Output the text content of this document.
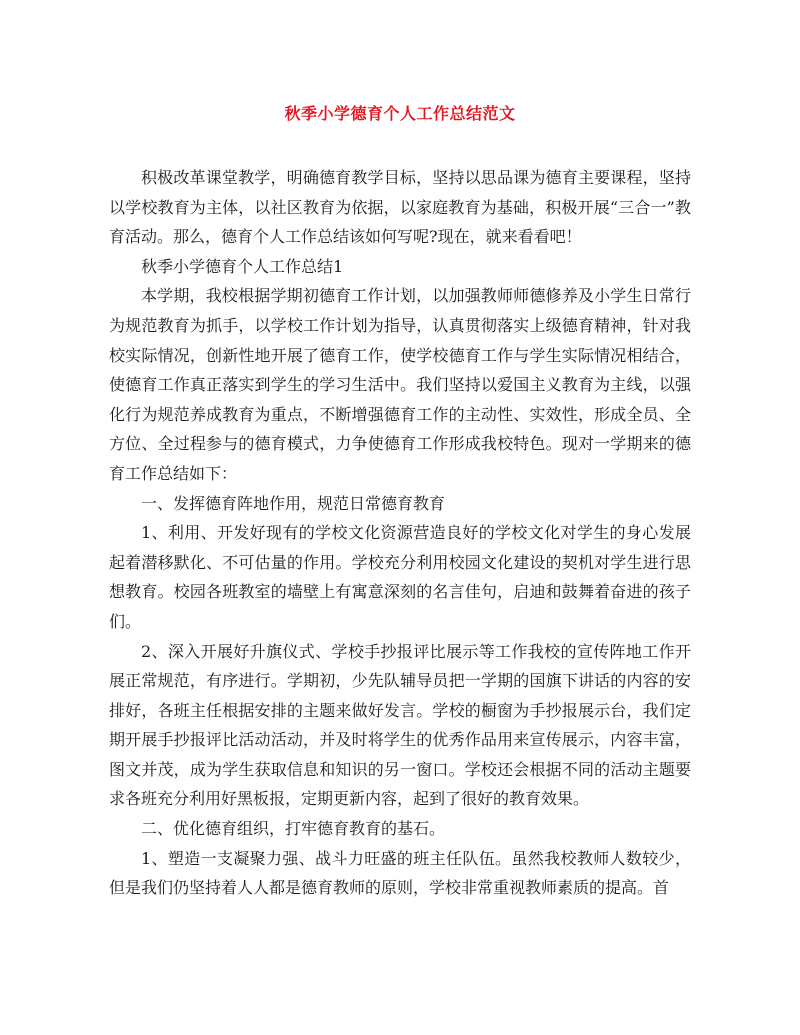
秋季小学德育个人工作总结范文

积极改革课堂教学，明确德育教学目标，坚持以思品课为德育主要课程，坚持以学校教育为主体，以社区教育为依据，以家庭教育为基础，积极开展“三合一”教育活动。那么，德育个人工作总结该如何写呢?现在，就来看看吧！

秋季小学德育个人工作总结1

本学期，我校根据学期初德育工作计划，以加强教师师德修养及小学生日常行为规范教育为抓手，以学校工作计划为指导，认真贯彻落实上级德育精神，针对我校实际情况，创新性地开展了德育工作，使学校德育工作与学生实际情况相结合，使德育工作真正落实到学生的学习生活中。我们坚持以爱国主义教育为主线，以强化行为规范养成教育为重点，不断增强德育工作的主动性、实效性，形成全员、全方位、全过程参与的德育模式，力争使德育工作形成我校特色。现对一学期来的德育工作总结如下：

一、发挥德育阵地作用，规范日常德育教育

1、利用、开发好现有的学校文化资源营造良好的学校文化对学生的身心发展起着潜移默化、不可估量的作用。学校充分利用校园文化建设的契机对学生进行思想教育。校园各班教室的墙壁上有寓意深刻的名言佳句，启迪和鼓舞着奋进的孩子们。

2、深入开展好升旗仪式、学校手抄报评比展示等工作我校的宣传阵地工作开展正常规范，有序进行。学期初，少先队辅导员把一学期的国旗下讲话的内容的安排好，各班主任根据安排的主题来做好发言。学校的橱窗为手抄报展示台，我们定期开展手抄报评比活动活动，并及时将学生的优秀作品用来宣传展示，内容丰富，图文并茂，成为学生获取信息和知识的另一窗口。学校还会根据不同的活动主题要求各班充分利用好黑板报，定期更新内容，起到了很好的教育效果。

二、优化德育组织，打牢德育教育的基石。

1、塑造一支凝聚力强、战斗力旺盛的班主任队伍。虽然我校教师人数较少，但是我们仍坚持着人人都是德育教师的原则，学校非常重视教师素质的提高。首
